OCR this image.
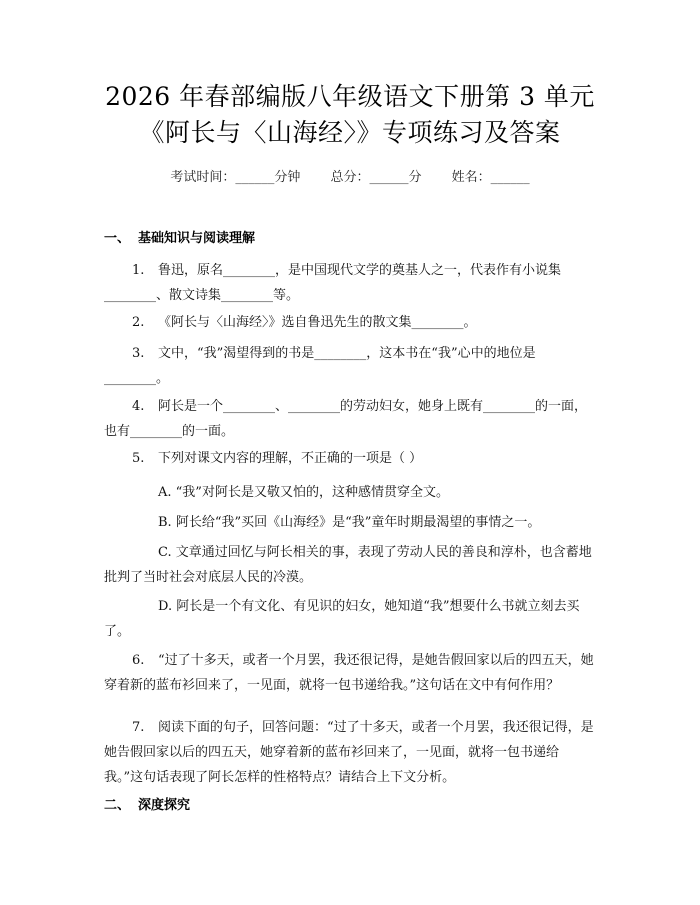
2026 年春部编版八年级语文下册第 3 单元
《阿长与〈山海经〉》专项练习及答案
考试时间：______分钟 总分：______分 姓名：______
一、 基础知识与阅读理解
1. 鲁迅，原名________，是中国现代文学的奠基人之一，代表作有小说集________、散文诗集________等。
2. 《阿长与〈山海经〉》选自鲁迅先生的散文集________。
3. 文中，“我”渴望得到的书是________，这本书在“我”心中的地位是________。
4. 阿长是一个________、________的劳动妇女，她身上既有________的一面，也有________的一面。
5. 下列对课文内容的理解，不正确的一项是（ ）
A. “我”对阿长是又敬又怕的，这种感情贯穿全文。
B. 阿长给“我”买回《山海经》是“我”童年时期最渴望的事情之一。
C. 文章通过回忆与阿长相关的事，表现了劳动人民的善良和淳朴，也含蓄地批判了当时社会对底层人民的冷漠。
D. 阿长是一个有文化、有见识的妇女，她知道“我”想要什么书就立刻去买了。
6. “过了十多天，或者一个月罢，我还很记得，是她告假回家以后的四五天，她穿着新的蓝布衫回来了，一见面，就将一包书递给我。”这句话在文中有何作用？
7. 阅读下面的句子，回答问题：“过了十多天，或者一个月罢，我还很记得，是她告假回家以后的四五天，她穿着新的蓝布衫回来了，一见面，就将一包书递给我。”这句话表现了阿长怎样的性格特点？请结合上下文分析。
二、 深度探究
